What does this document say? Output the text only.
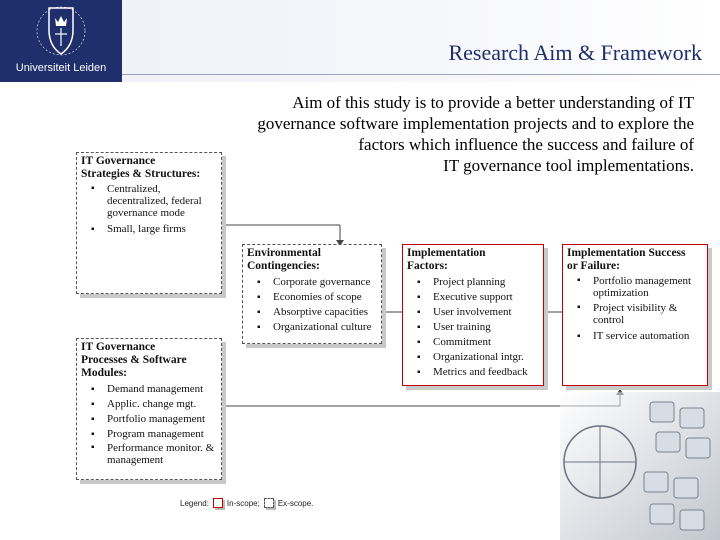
Universiteit Leiden
Research Aim & Framework
Aim of this study is to provide a better understanding of IT
governance software implementation projects and to explore the
factors which influence the success and failure of
IT governance tool implementations.
IT Governance
Strategies & Structures:
▪ Centralized, decentralized, federal governance mode
▪ Small, large firms
IT Governance
Processes & Software
Modules:
▪ Demand management
▪ Applic. change mgt.
▪ Portfolio management
▪ Program management
▪ Performance monitor. & management
Environmental
Contingencies:
▪ Corporate governance
▪ Economies of scope
▪ Absorptive capacities
▪ Organizational culture
Implementation
Factors:
▪ Project planning
▪ Executive support
▪ User involvement
▪ User training
▪ Commitment
▪ Organizational intgr.
▪ Metrics and feedback
Implementation Success
or Failure:
▪ Portfolio management optimization
▪ Project visibility & control
▪ IT service automation
Legend: In-scope; Ex-scope.
